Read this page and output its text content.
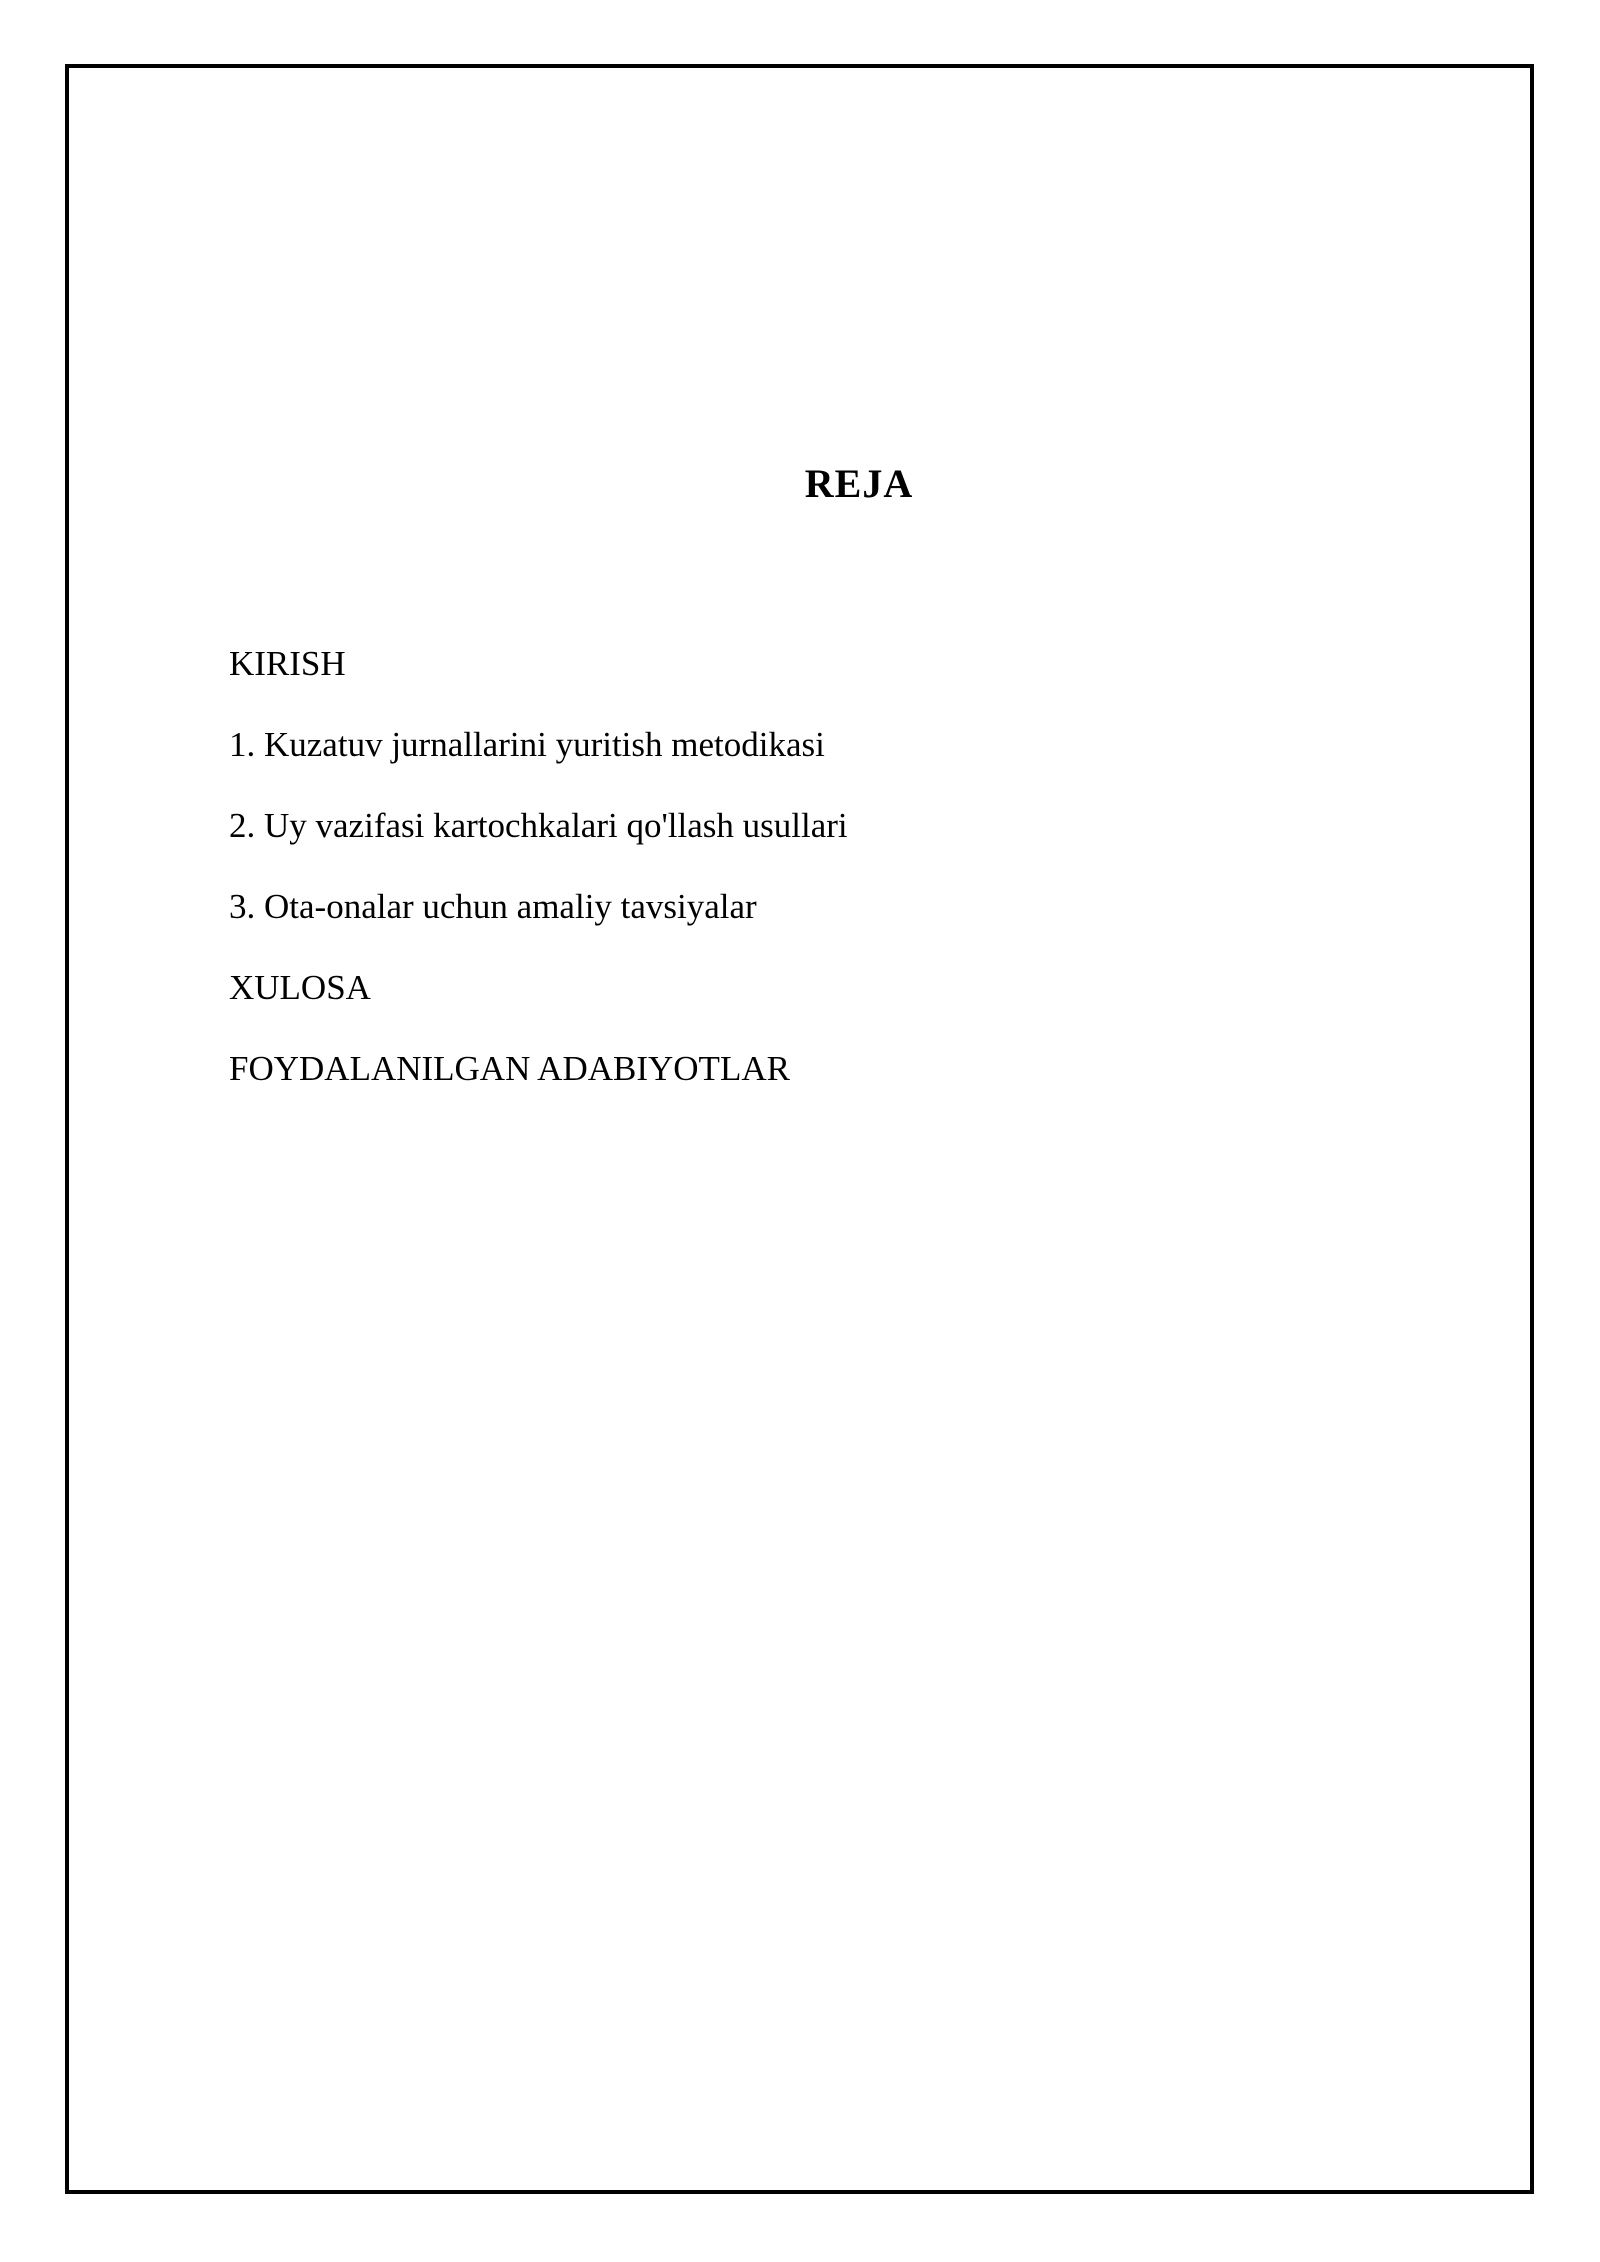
REJA
KIRISH
1. Kuzatuv jurnallarini yuritish metodikasi
2. Uy vazifasi kartochkalari qo'llash usullari
3. Ota-onalar uchun amaliy tavsiyalar
XULOSA
FOYDALANILGAN ADABIYOTLAR
